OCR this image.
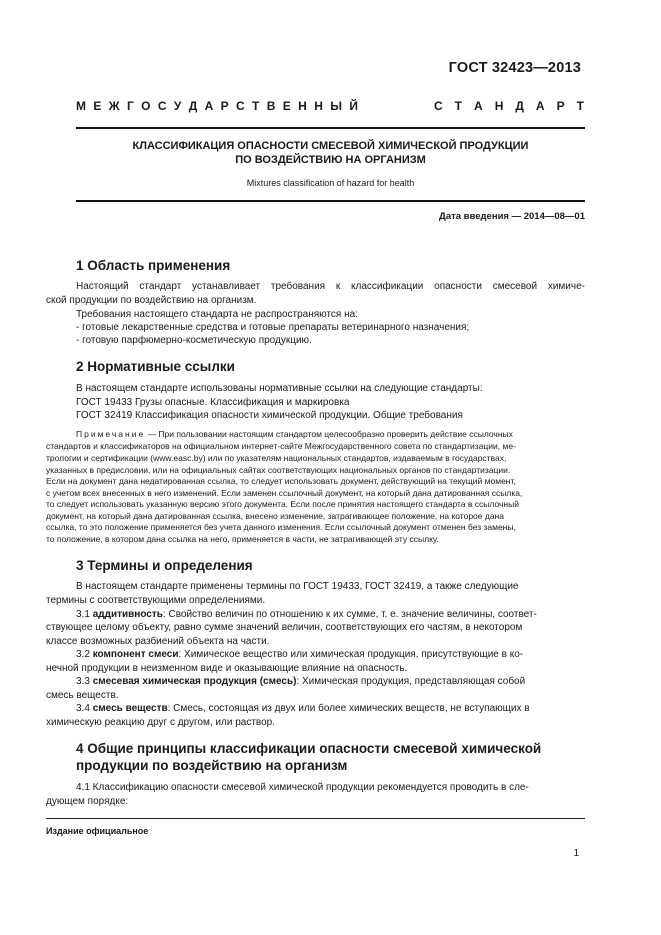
ГОСТ 32423—2013
М Е Ж Г О С У Д А Р С Т В Е Н Н Ы Й	С Т А Н Д А Р Т
КЛАССИФИКАЦИЯ ОПАСНОСТИ СМЕСЕВОЙ ХИМИЧЕСКОЙ ПРОДУКЦИИ
ПО ВОЗДЕЙСТВИЮ НА ОРГАНИЗМ
Mixtures classification of hazard for health
Дата введения — 2014—08—01
1 Область применения
Настоящий стандарт устанавливает требования к классификации опасности смесевой химиче-
ской продукции по воздействию на организм.
Требования настоящего стандарта не распространяются на:
- готовые лекарственные средства и готовые препараты ветеринарного назначения;
- готовую парфюмерно-косметическую продукцию.
2 Нормативные ссылки
В настоящем стандарте использованы нормативные ссылки на следующие стандарты:
ГОСТ 19433 Грузы опасные. Классификация и маркировка
ГОСТ 32419 Классификация опасности химической продукции. Общие требования
Примечание — При пользовании настоящим стандартом целесообразно проверить действие ссылочных
стандартов и классификаторов на официальном интернет-сайте Межгосударственного совета по стандартизации, ме-
трологии и сертификации (www.easc.by) или по указателям национальных стандартов, издаваемым в государствах,
указанных в предисловии, или на официальных сайтах соответствующих национальных органов по стандартизации.
Если на документ дана недатированная ссылка, то следует использовать документ, действующий на текущий момент,
с учетом всех внесенных в него изменений. Если заменен ссылочный документ, на который дана датированная ссылка,
то следует использовать указанную версию этого документа. Если после принятия настоящего стандарта в ссылочный
документ, на который дана датированная ссылка, внесено изменение, затрагивающее положение, на которое дана
ссылка, то это положение применяется без учета данного изменения. Если ссылочный документ отменен без замены,
то положение, в котором дана ссылка на него, применяется в части, не затрагивающей эту ссылку.
3 Термины и определения
В настоящем стандарте применены термины по ГОСТ 19433, ГОСТ 32419, а также следующие
термины с соответствующими определениями.
3.1 аддитивность: Свойство величин по отношению к их сумме, т. е. значение величины, соответ-
ствующее целому объекту, равно сумме значений величин, соответствующих его частям, в некотором
классе возможных разбиений объекта на части.
3.2 компонент смеси: Химическое вещество или химическая продукция, присутствующие в ко-
нечной продукции в неизменном виде и оказывающие влияние на опасность.
3.3 смесевая химическая продукция (смесь): Химическая продукция, представляющая собой
смесь веществ.
3.4 смесь веществ: Смесь, состоящая из двух или более химических веществ, не вступающих в
химическую реакцию друг с другом, или раствор.
4 Общие принципы классификации опасности смесевой химической
продукции по воздействию на организм
4.1 Классификацию опасности смесевой химической продукции рекомендуется проводить в сле-
дующем порядке:
Издание официальное
1
